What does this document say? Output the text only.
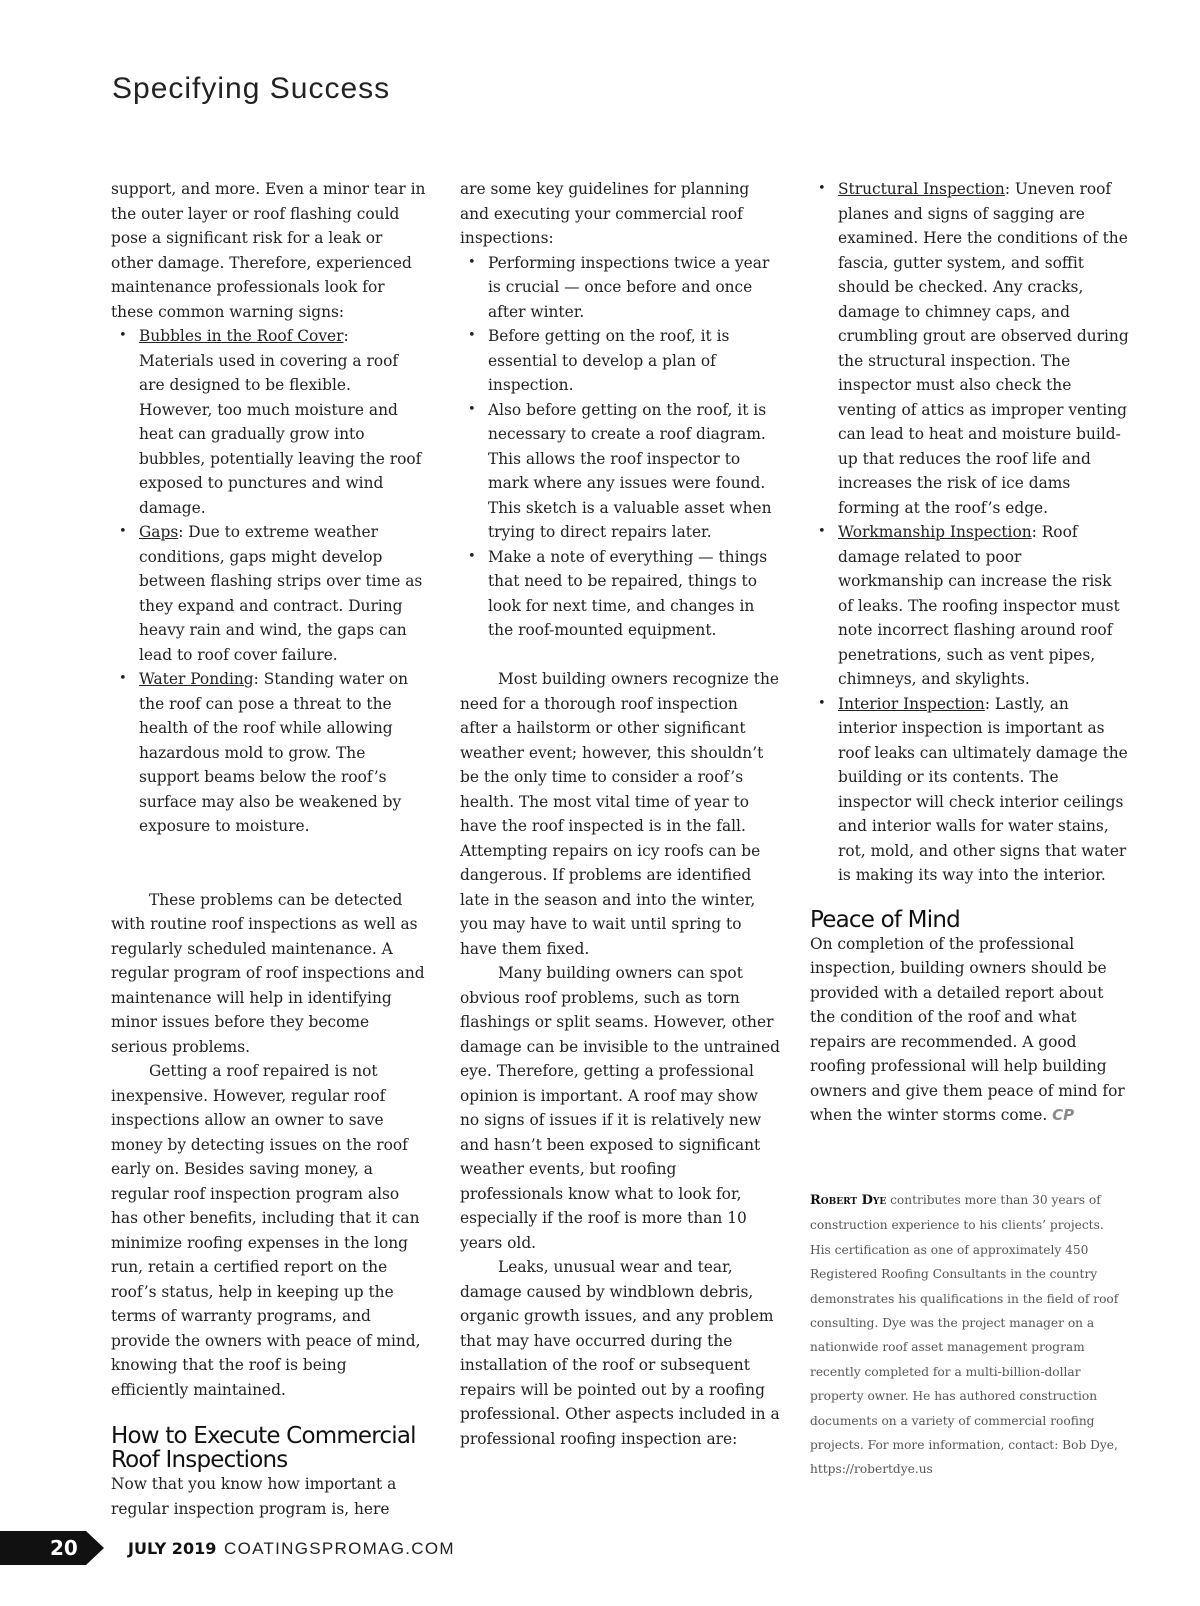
Specifying Success

support, and more. Even a minor tear in the outer layer or roof flashing could pose a significant risk for a leak or other damage. Therefore, experienced maintenance professionals look for these common warning signs:

• Bubbles in the Roof Cover: Materials used in covering a roof are designed to be flexible. However, too much moisture and heat can gradually grow into bubbles, potentially leaving the roof exposed to punctures and wind damage.
• Gaps: Due to extreme weather conditions, gaps might develop between flashing strips over time as they expand and contract. During heavy rain and wind, the gaps can lead to roof cover failure.
• Water Ponding: Standing water on the roof can pose a threat to the health of the roof while allowing hazardous mold to grow. The support beams below the roof’s surface may also be weakened by exposure to moisture.

These problems can be detected with routine roof inspections as well as regularly scheduled maintenance. A regular program of roof inspections and maintenance will help in identifying minor issues before they become serious problems.

Getting a roof repaired is not inexpensive. However, regular roof inspections allow an owner to save money by detecting issues on the roof early on. Besides saving money, a regular roof inspection program also has other benefits, including that it can minimize roofing expenses in the long run, retain a certified report on the roof’s status, help in keeping up the terms of warranty programs, and provide the owners with peace of mind, knowing that the roof is being efficiently maintained.

How to Execute Commercial Roof Inspections

Now that you know how important a regular inspection program is, here

are some key guidelines for planning and executing your commercial roof inspections:

• Performing inspections twice a year is crucial — once before and once after winter.
• Before getting on the roof, it is essential to develop a plan of inspection.
• Also before getting on the roof, it is necessary to create a roof diagram. This allows the roof inspector to mark where any issues were found. This sketch is a valuable asset when trying to direct repairs later.
• Make a note of everything — things that need to be repaired, things to look for next time, and changes in the roof-mounted equipment.

Most building owners recognize the need for a thorough roof inspection after a hailstorm or other significant weather event; however, this shouldn’t be the only time to consider a roof’s health. The most vital time of year to have the roof inspected is in the fall. Attempting repairs on icy roofs can be dangerous. If problems are identified late in the season and into the winter, you may have to wait until spring to have them fixed.

Many building owners can spot obvious roof problems, such as torn flashings or split seams. However, other damage can be invisible to the untrained eye. Therefore, getting a professional opinion is important. A roof may show no signs of issues if it is relatively new and hasn’t been exposed to significant weather events, but roofing professionals know what to look for, especially if the roof is more than 10 years old.

Leaks, unusual wear and tear, damage caused by windblown debris, organic growth issues, and any problem that may have occurred during the installation of the roof or subsequent repairs will be pointed out by a roofing professional. Other aspects included in a professional roofing inspection are:

• Structural Inspection: Uneven roof planes and signs of sagging are examined. Here the conditions of the fascia, gutter system, and soffit should be checked. Any cracks, damage to chimney caps, and crumbling grout are observed during the structural inspection. The inspector must also check the venting of attics as improper venting can lead to heat and moisture build-up that reduces the roof life and increases the risk of ice dams forming at the roof’s edge.
• Workmanship Inspection: Roof damage related to poor workmanship can increase the risk of leaks. The roofing inspector must note incorrect flashing around roof penetrations, such as vent pipes, chimneys, and skylights.
• Interior Inspection: Lastly, an interior inspection is important as roof leaks can ultimately damage the building or its contents. The inspector will check interior ceilings and interior walls for water stains, rot, mold, and other signs that water is making its way into the interior.
Peace of Mind

On completion of the professional inspection, building owners should be provided with a detailed report about the condition of the roof and what repairs are recommended. A good roofing professional will help building owners and give them peace of mind for when the winter storms come. CP

Robert Dye contributes more than 30 years of construction experience to his clients’ projects. His certification as one of approximately 450 Registered Roofing Consultants in the country demonstrates his qualifications in the field of roof consulting. Dye was the project manager on a nationwide roof asset management program recently completed for a multi-billion-dollar property owner. He has authored construction documents on a variety of commercial roofing projects. For more information, contact: Bob Dye, https://robertdye.us
20	JULY 2019 COATINGSPROMAG.COM
